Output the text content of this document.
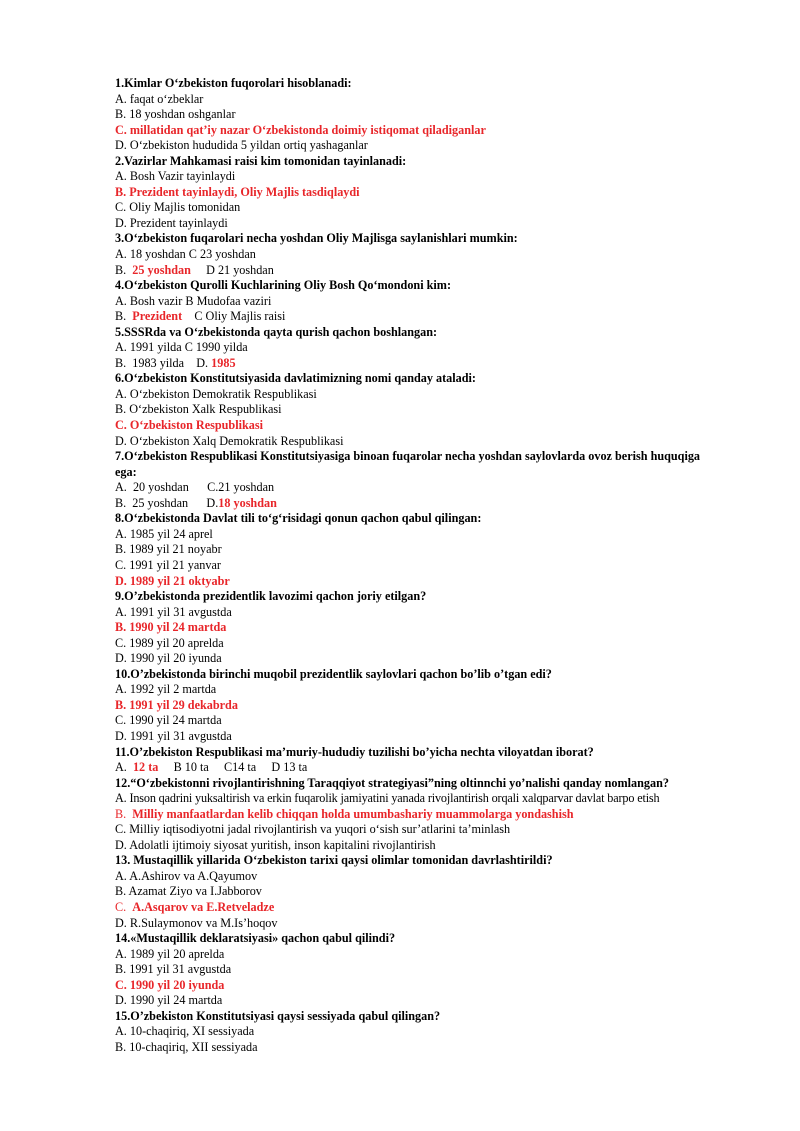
1.Kimlar O‘zbekiston fuqorolari hisoblanadi:
A. faqat o‘zbeklar
B. 18 yoshdan oshganlar
C. millatidan qat’iy nazar O‘zbekistonda doimiy istiqomat qiladiganlar
D. O‘zbekiston hududida 5 yildan ortiq yashaganlar
2.Vazirlar Mahkamasi raisi kim tomonidan tayinlanadi:
A. Bosh Vazir tayinlaydi
B. Prezident tayinlaydi, Oliy Majlis tasdiqlaydi
C. Oliy Majlis tomonidan
D. Prezident tayinlaydi
3.O‘zbekiston fuqarolari necha yoshdan Oliy Majlisga saylanishlari mumkin:
A. 18 yoshdan C 23 yoshdan
B.  25 yoshdan     D 21 yoshdan
4.O‘zbekiston Qurolli Kuchlarining Oliy Bosh Qo‘mondoni kim:
A. Bosh vazir B Mudofaa vaziri
B.  Prezident    C Oliy Majlis raisi
5.SSSRda va O‘zbekistonda qayta qurish qachon boshlangan:
A. 1991 yilda C 1990 yilda
B.  1983 yilda    D. 1985
6.O‘zbekiston Konstitutsiyasida davlatimizning nomi qanday ataladi:
A. O‘zbekiston Demokratik Respublikasi
B. O‘zbekiston Xalk Respublikasi
C. O‘zbekiston Respublikasi
D. O‘zbekiston Xalq Demokratik Respublikasi
7.O‘zbekiston Respublikasi Konstitutsiyasiga binoan fuqarolar necha yoshdan saylovlarda ovoz berish huquqiga ega:
A.  20 yoshdan      C.21 yoshdan
B.  25 yoshdan      D.18 yoshdan
8.O‘zbekistonda Davlat tili to‘g‘risidagi qonun qachon qabul qilingan:
A. 1985 yil 24 aprel
B. 1989 yil 21 noyabr
C. 1991 yil 21 yanvar
D. 1989 yil 21 oktyabr
9.O’zbekistonda prezidentlik lavozimi qachon joriy etilgan?
A. 1991 yil 31 avgustda
B. 1990 yil 24 martda
C. 1989 yil 20 aprelda
D. 1990 yil 20 iyunda
10.O’zbekistonda birinchi muqobil prezidentlik saylovlari qachon bo’lib o’tgan edi?
A. 1992 yil 2 martda
B. 1991 yil 29 dekabrda
C. 1990 yil 24 martda
D. 1991 yil 31 avgustda
11.O’zbekiston Respublikasi ma’muriy-hududiy tuzilishi bo’yicha nechta viloyatdan iborat?
A.  12 ta     B 10 ta     C14 ta     D 13 ta
12.“O‘zbekistonni rivojlantirishning Taraqqiyot strategiyasi”ning oltinnchi yo’nalishi qanday nomlangan?
A. Inson qadrini yuksaltirish va erkin fuqarolik jamiyatini yanada rivojlantirish orqali xalqparvar davlat barpo etish
B.  Milliy manfaatlardan kelib chiqqan holda umumbashariy muammolarga yondashish
C. Milliy iqtisodiyotni jadal rivojlantirish va yuqori o‘sish sur’atlarini ta’minlash
D. Adolatli ijtimoiy siyosat yuritish, inson kapitalini rivojlantirish
13. Mustaqillik yillarida O‘zbekiston tarixi qaysi olimlar tomonidan davrlashtirildi?
A. A.Ashirov va A.Qayumov
B. Azamat Ziyo va I.Jabborov
C.  A.Asqarov va E.Retveladze
D. R.Sulaymonov va M.Is’hoqov
14.«Mustaqillik deklaratsiyasi» qachon qabul qilindi?
A. 1989 yil 20 aprelda
B. 1991 yil 31 avgustda
C. 1990 yil 20 iyunda
D. 1990 yil 24 martda
15.O’zbekiston Konstitutsiyasi qaysi sessiyada qabul qilingan?
A. 10-chaqiriq, XI sessiyada
B. 10-chaqiriq, XII sessiyada
